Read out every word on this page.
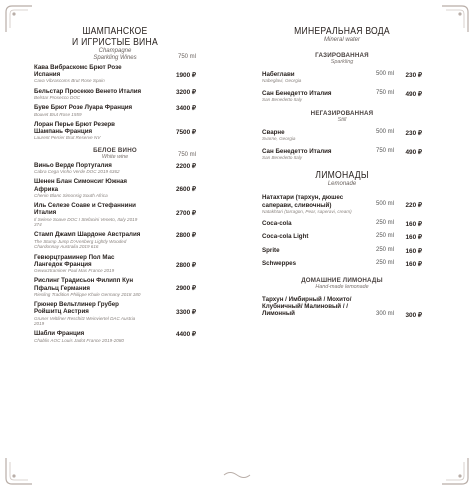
ШАМПАНСКОЕ
И ИГРИСТЫЕ ВИНА
Champagne
Sparkling Wines	750 ml
Кава Вибраскомс Брют Розе Испания
Cava Vibrascoms Brut Rose Spain
1900 ₽
Бельстар Просекко Венето Италия
Belstar Prosecco DOC
3200 ₽
Буве Брют Розе Луара Франция
Bouvet Brut Rose 1559
3400 ₽
Лоран Перье Брют Резерв Шампань Франция
Laurent Perrier Brut Reserve NV
7500 ₽
БЕЛОЕ ВИНО
White wine	750 ml
Виньо Верде Португалия
Cabra Cega Vinho Verde DOC 2019 6362
2200 ₽
Шенен Блан Симонсиг Южная Африка
Chenin Blanc Simonsig South Africa
2600 ₽
Иль Селезе Соаве и Стефаннини Италия
Il Selese Soave DOC I Stefanini Veneto, Italy 2019 374
2700 ₽
Стамп Джамп Шардоне Австралия
The Stump Jump D'Arenberg Lightly Wooded Chardonnay Australia 2019 616
2800 ₽
Гевюрцтраминер Пол Мас Лангедок Франция
Gewurztraminer Paul Mas France 2019
2800 ₽
Рислинг Традисьон Филипп Кун Пфальц Германия
Riesling Tradition Philippe Khule Germany 2018 180
2900 ₽
Грюнер Вельтлинер Грубер Ройшитц Австрия
Gruner Veltliner Reschitz Weinviertel DAC Austria 2019
3300 ₽
Шабли Франция
Chablis AOC Louis Jadot France 2019-2080
4400 ₽
МИНЕРАЛЬНАЯ ВОДА
Mineral water
ГАЗИРОВАННАЯ
Sparkling
Набеглави
Nabeglavi, Georgia
500 ml 230 ₽
Сан Бенедетто Италия
San Benedetto Italy
750 ml 490 ₽
НЕГАЗИРОВАННАЯ
Still
Сварне
Svarne, Georgia
500 ml 230 ₽
Сан Бенедетто Италия
San Benedetto Italy
750 ml 490 ₽
ЛИМОНАДЫ
Lemonade
Натахтари (тархун, дюшес саперави, сливочный)
Natakhtari (tarragon, Pear, saperavi, cream)
500 ml 220 ₽
Coca-cola	250 ml 160 ₽
Coca-cola Light	250 ml 160 ₽
Sprite	250 ml 160 ₽
Schweppes	250 ml 160 ₽
ДОМАШНИЕ ЛИМОНАДЫ
Hand-made lemonade
Тархун / Имбирный / Мохито/Клубничный/ Малиновый / /Лимонный	300 ml 300 ₽
